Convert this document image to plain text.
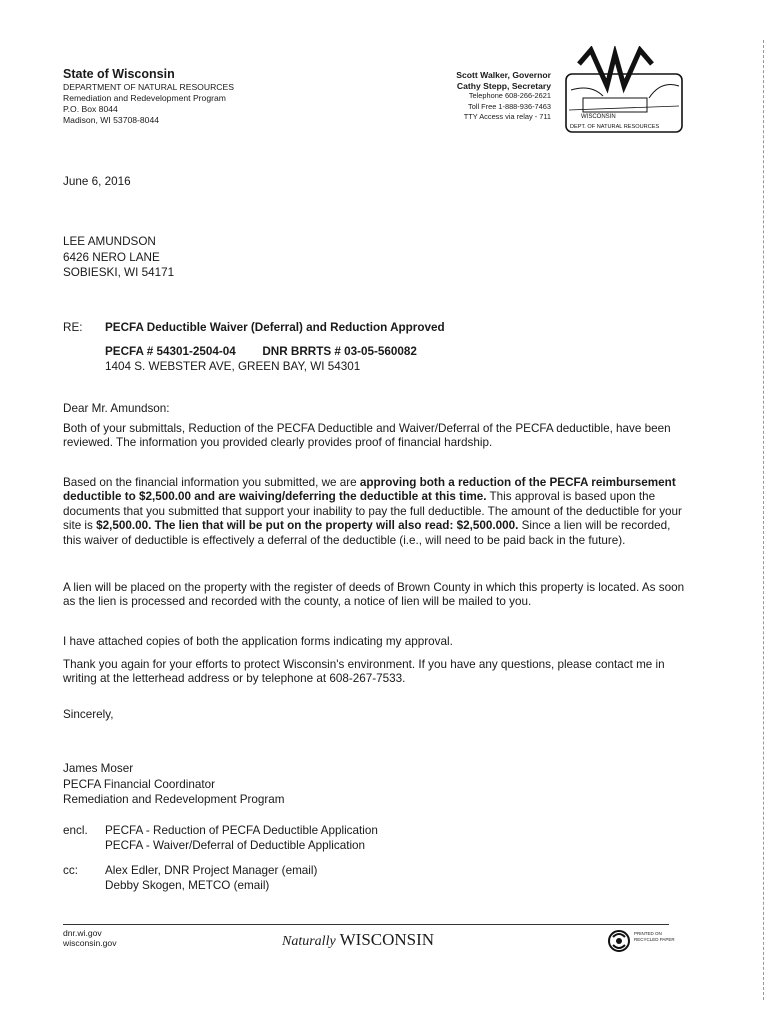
State of Wisconsin
DEPARTMENT OF NATURAL RESOURCES
Remediation and Redevelopment Program
P.O. Box 8044
Madison, WI 53708-8044
Scott Walker, Governor
Cathy Stepp, Secretary
Telephone 608-266-2621
Toll Free 1-888-936-7463
TTY Access via relay - 711	WISCONSIN
DEPT. OF NATURAL RESOURCES
June 6, 2016
LEE AMUNDSON
6426 NERO LANE
SOBIESKI, WI 54171
RE: PECFA Deductible Waiver (Deferral) and Reduction Approved
PECFA # 54301-2504-04 DNR BRRTS # 03-05-560082
1404 S. WEBSTER AVE, GREEN BAY, WI 54301
Dear Mr. Amundson:

Both of your submittals, Reduction of the PECFA Deductible and Waiver/Deferral of the PECFA deductible, have been reviewed. The information you provided clearly provides proof of financial hardship.

Based on the financial information you submitted, we are approving both a reduction of the PECFA reimbursement deductible to $2,500.00 and are waiving/deferring the deductible at this time. This approval is based upon the documents that you submitted that support your inability to pay the full deductible. The amount of the deductible for your site is $2,500.00. The lien that will be put on the property will also read: $2,500.000. Since a lien will be recorded, this waiver of deductible is effectively a deferral of the deductible (i.e., will need to be paid back in the future).

A lien will be placed on the property with the register of deeds of Brown County in which this property is located. As soon as the lien is processed and recorded with the county, a notice of lien will be mailed to you.

I have attached copies of both the application forms indicating my approval.

Thank you again for your efforts to protect Wisconsin's environment. If you have any questions, please contact me in writing at the letterhead address or by telephone at 608-267-7533.

Sincerely,
James Moser
PECFA Financial Coordinator
Remediation and Redevelopment Program
encl. PECFA - Reduction of PECFA Deductible Application
PECFA - Waiver/Deferral of Deductible Application
cc: Alex Edler, DNR Project Manager (email)
Debby Skogen, METCO (email)
dnr.wi.gov
wisconsin.gov	Naturally WISCONSIN	PRINTED ON RECYCLED PAPER
